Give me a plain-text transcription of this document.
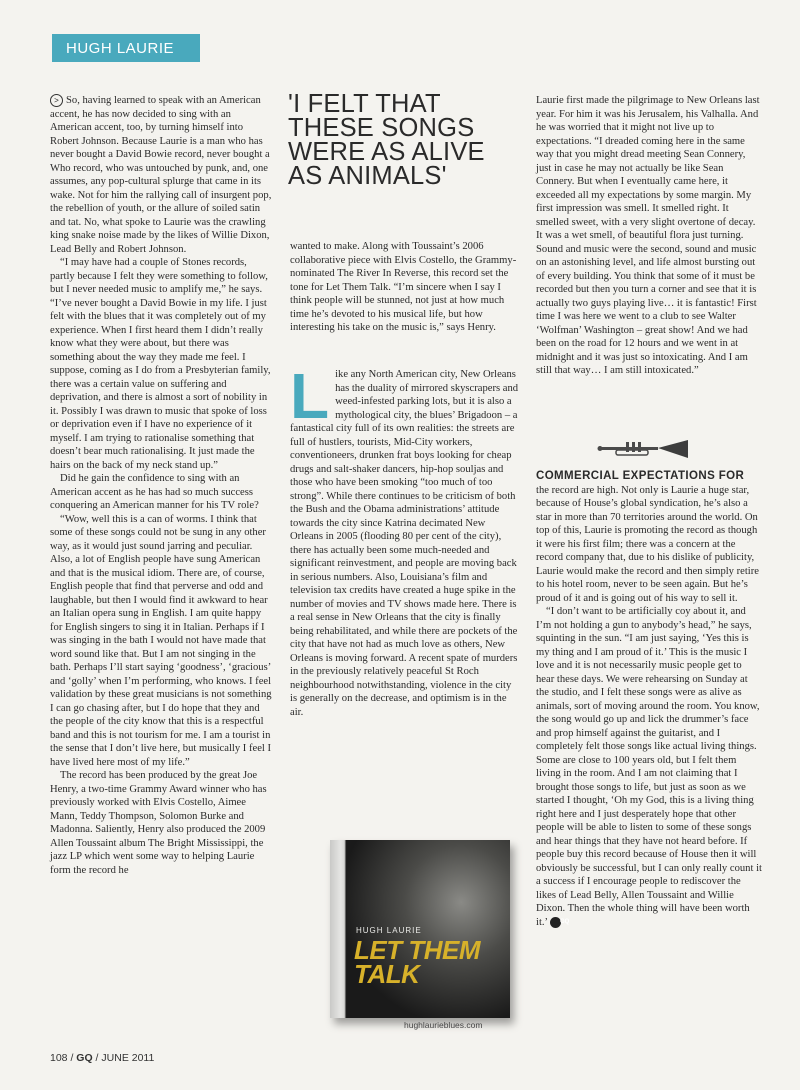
HUGH LAURIE

> So, having learned to speak with an American accent, he has now decided to sing with an American accent, too, by turning himself into Robert Johnson. Because Laurie is a man who has never bought a David Bowie record, never bought a Who record, who was untouched by punk, and, one assumes, any pop-cultural splurge that came in its wake. Not for him the rallying call of insurgent pop, the rebellion of youth, or the allure of soiled satin and tat. No, what spoke to Laurie was the crawling king snake noise made by the likes of Willie Dixon, Lead Belly and Robert Johnson.

“I may have had a couple of Stones records, partly because I felt they were something to follow, but I never needed music to amplify me,” he says. “I’ve never bought a David Bowie in my life. I just felt with the blues that it was completely out of my experience. When I first heard them I didn’t really know what they were about, but there was something about the way they made me feel. I suppose, coming as I do from a Presbyterian family, there was a certain value on suffering and deprivation, and there is almost a sort of nobility in it. Possibly I was drawn to music that spoke of loss or deprivation even if I have no experience of it myself. I am trying to rationalise something that doesn’t bear much rationalising. It just made the hairs on the back of my neck stand up.”

Did he gain the confidence to sing with an American accent as he has had so much success conquering an American manner for his TV role?

“Wow, well this is a can of worms. I think that some of these songs could not be sung in any other way, as it would just sound jarring and peculiar. Also, a lot of English people have sung American and that is the musical idiom. There are, of course, English people that find that perverse and odd and laughable, but then I would find it awkward to hear an Italian opera sung in English. I am quite happy for English singers to sing it in Italian. Perhaps if I was singing in the bath I would not have made that word sound like that. But I am not singing in the bath. Perhaps I’ll start saying ‘goodness’, ‘gracious’ and ‘golly’ when I’m performing, who knows. I feel validation by these great musicians is not something I can go chasing after, but I do hope that they and the people of the city know that this is a respectful band and this is not tourism for me. I am a tourist in the sense that I don’t live here, but musically I feel I have lived here most of my life.”

The record has been produced by the great Joe Henry, a two-time Grammy Award winner who has previously worked with Elvis Costello, Aimee Mann, Teddy Thompson, Solomon Burke and Madonna. Saliently, Henry also produced the 2009 Allen Toussaint album The Bright Mississippi, the jazz LP which went some way to helping Laurie form the record he

'I FELT THAT THESE SONGS WERE AS ALIVE AS ANIMALS'

wanted to make. Along with Toussaint’s 2006 collaborative piece with Elvis Costello, the Grammy-nominated The River In Reverse, this record set the tone for Let Them Talk. “I’m sincere when I say I think people will be stunned, not just at how much time he’s devoted to his musical life, but how interesting his take on the music is,” says Henry.

Like any North American city, New Orleans has the duality of mirrored skyscrapers and weed-infested parking lots, but it is also a mythological city, the blues’ Brigadoon – a fantastical city full of its own realities: the streets are full of hustlers, tourists, Mid-City workers, conventioneers, drunken frat boys looking for cheap drugs and salt-shaker dancers, hip-hop souljas and those who have been smoking “too much of too strong”. While there continues to be criticism of both the Bush and the Obama administrations’ attitude towards the city since Katrina decimated New Orleans in 2005 (flooding 80 per cent of the city), there has actually been some much-needed and significant reinvestment, and people are moving back in serious numbers. Also, Louisiana’s film and television tax credits have created a huge spike in the number of movies and TV shows made here. There is a real sense in New Orleans that the city is finally being rehabilitated, and while there are pockets of the city that have not had as much love as others, New Orleans is moving forward. A recent spate of murders in the previously relatively peaceful St Roch neighbourhood notwithstanding, violence in the city is generally on the decrease, and optimism is in the air.

Laurie first made the pilgrimage to New Orleans last year. For him it was his Jerusalem, his Valhalla. And he was worried that it might not live up to expectations. “I dreaded coming here in the same way that you might dread meeting Sean Connery, just in case he may not actually be like Sean Connery. But when I eventually came here, it exceeded all my expectations by some margin. My first impression was smell. It smelled right. It smelled sweet, with a very slight overtone of decay. It was a wet smell, of beautiful flora just turning. Sound and music were the second, sound and music on an astonishing level, and life almost bursting out of every building. You think that some of it must be recorded but then you turn a corner and see that it is actually two guys playing live… it is fantastic! First time I was here we went to a club to see Walter ‘Wolfman’ Washington – great show! And we had been on the road for 12 hours and we went in at midnight and it was just so intoxicating. And I am still that way… I am still intoxicated.”

COMMERCIAL EXPECTATIONS FOR
the record are high. Not only is Laurie a huge star, because of House’s global syndication, he’s also a star in more than 70 territories around the world. On top of this, Laurie is promoting the record as though it were his first film; there was a concern at the record company that, due to his dislike of publicity, Laurie would make the record and then simply retire to his hotel room, never to be seen again. But he’s proud of it and is going out of his way to sell it.

“I don’t want to be artificially coy about it, and I’m not holding a gun to anybody’s head,” he says, squinting in the sun. “I am just saying, ‘Yes this is my thing and I am proud of it.’ This is the music I love and it is not necessarily music people get to hear these days. We were rehearsing on Sunday at the studio, and I felt these songs were as alive as animals, sort of moving around the room. You know, the song would go up and lick the drummer’s face and prop himself against the guitarist, and I completely felt those songs like actual living things. Some are close to 100 years old, but I felt them living in the room. And I am not claiming that I brought those songs to life, but just as soon as we started I thought, ‘Oh my God, this is a living thing right here and I just desperately hope that other people will be able to listen to some of these songs and hear things that they have not heard before. If people buy this record because of House then it will obviously be successful, but I can only really count it a success if I encourage people to rediscover the likes of Lead Belly, Allen Toussaint and Willie Dixon. Then the whole thing will have been worth it.’ GQ

HUGH LAURIE
LET THEM
TALK
hughlaurieblues.com
108 / GQ / JUNE 2011
